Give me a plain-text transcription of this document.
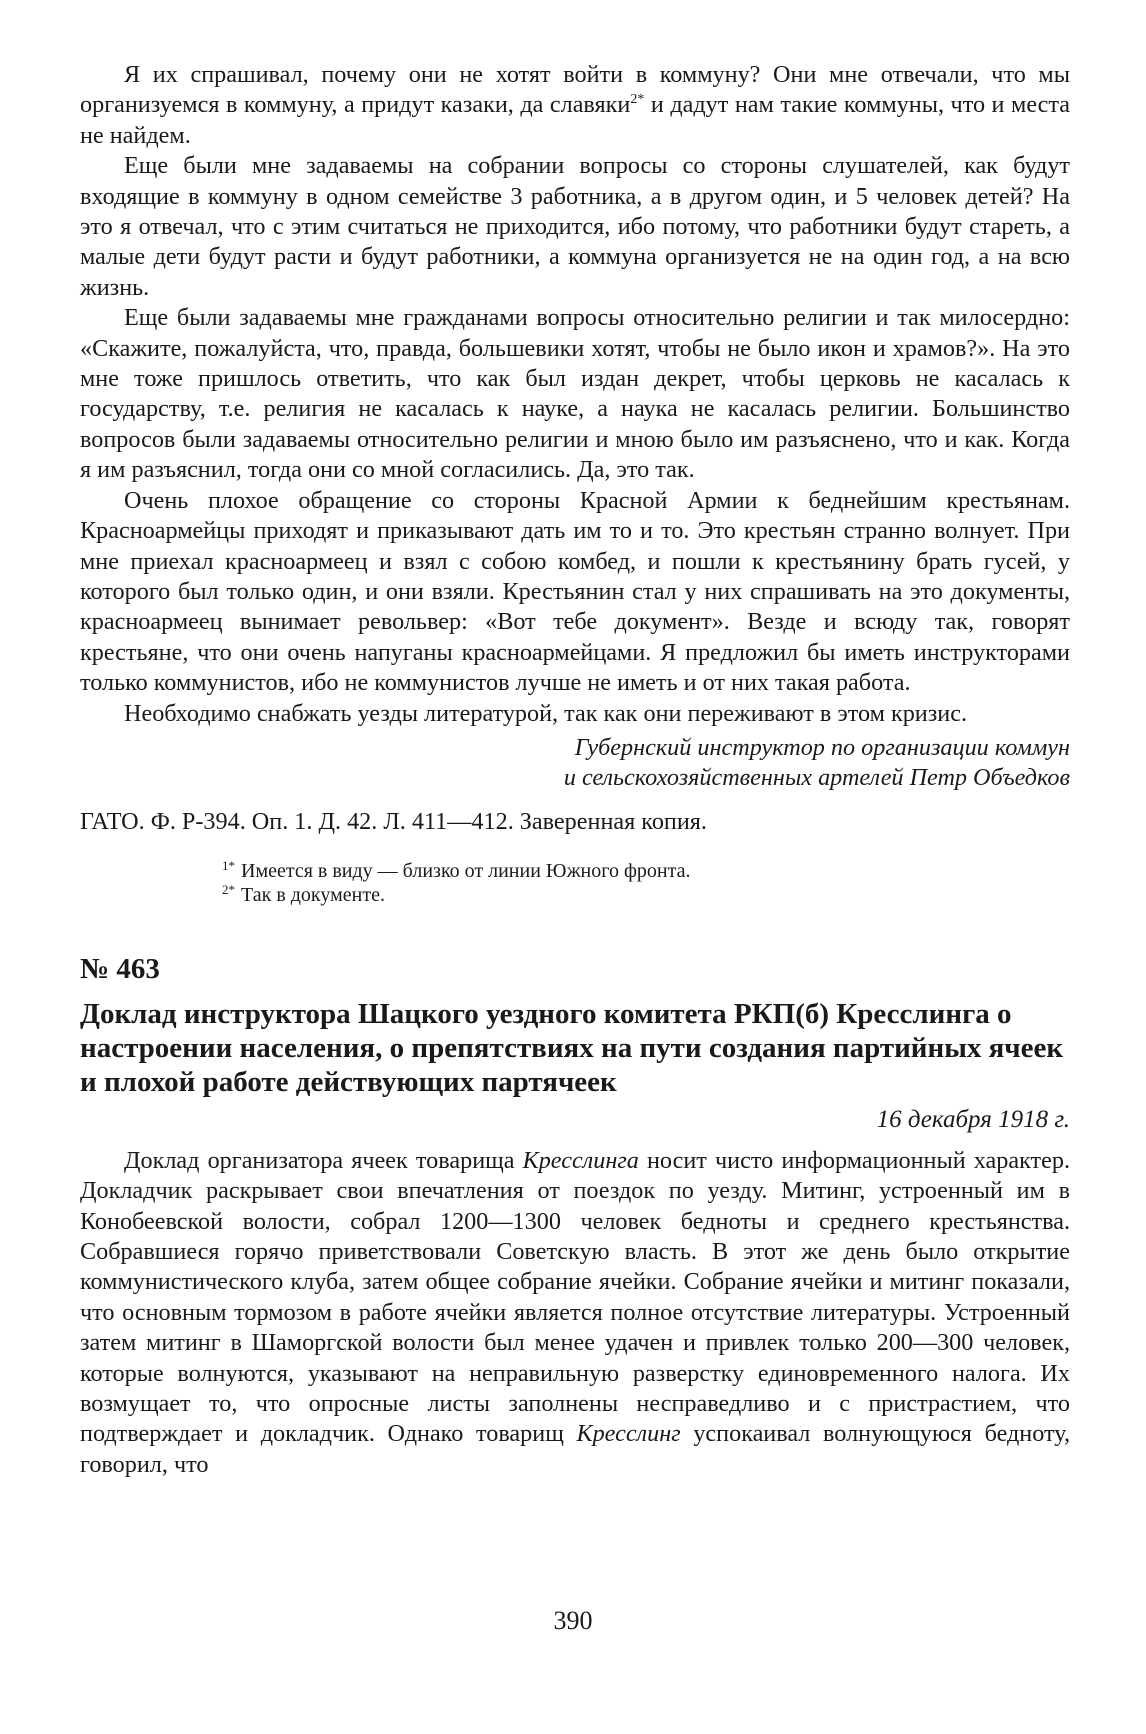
Я их спрашивал, почему они не хотят войти в коммуну? Они мне отвечали, что мы организуемся в коммуну, а придут казаки, да славяки$^{2*}$ и дадут нам такие коммуны, что и места не найдем.

Еще были мне задаваемы на собрании вопросы со стороны слушателей, как будут входящие в коммуну в одном семействе 3 работника, а в другом один, и 5 человек детей? На это я отвечал, что с этим считаться не приходится, ибо потому, что работники будут стареть, а малые дети будут расти и будут работники, а коммуна организуется не на один год, а на всю жизнь.

Еще были задаваемы мне гражданами вопросы относительно религии и так милосердно: «Скажите, пожалуйста, что, правда, большевики хотят, чтобы не было икон и храмов?». На это мне тоже пришлось ответить, что как был издан декрет, чтобы церковь не касалась к государству, т.е. религия не касалась к науке, а наука не касалась религии. Большинство вопросов были задаваемы относительно религии и мною было им разъяснено, что и как. Когда я им разъяснил, тогда они со мной согласились. Да, это так.

Очень плохое обращение со стороны Красной Армии к беднейшим крестьянам. Красноармейцы приходят и приказывают дать им то и то. Это крестьян странно волнует. При мне приехал красноармеец и взял с собою комбед, и пошли к крестьянину брать гусей, у которого был только один, и они взяли. Крестьянин стал у них спрашивать на это документы, красноармеец вынимает револьвер: «Вот тебе документ». Везде и всюду так, говорят крестьяне, что они очень напуганы красноармейцами. Я предложил бы иметь инструкторами только коммунистов, ибо не коммунистов лучше не иметь и от них такая работа.

Необходимо снабжать уезды литературой, так как они переживают в этом кризис.

Губернский инструктор по организации коммун
и сельскохозяйственных артелей Петр Объедков

ГАТО. Ф. Р-394. Оп. 1. Д. 42. Л. 411—412. Заверенная копия.

$^{1*}$ Имеется в виду — близко от линии Южного фронта.
$^{2*}$ Так в документе.
№ 463
Доклад инструктора Шацкого уездного комитета РКП(б) Кресслинга о настроении населения, о препятствиях на пути создания партийных ячеек и плохой работе действующих партячеек
16 декабря 1918 г.

Доклад организатора ячеек товарища Кресслинга носит чисто информационный характер. Докладчик раскрывает свои впечатления от поездок по уезду. Митинг, устроенный им в Конобеевской волости, собрал 1200—1300 человек бедноты и среднего крестьянства. Собравшиеся горячо приветствовали Советскую власть. В этот же день было открытие коммунистического клуба, затем общее собрание ячейки. Собрание ячейки и митинг показали, что основным тормозом в работе ячейки является полное отсутствие литературы. Устроенный затем митинг в Шаморгской волости был менее удачен и привлек только 200—300 человек, которые волнуются, указывают на неправильную разверстку единовременного налога. Их возмущает то, что опросные листы заполнены несправедливо и с пристрастием, что подтверждает и докладчик. Однако товарищ Кресслинг успокаивал волнующуюся бедноту, говорил, что

390
